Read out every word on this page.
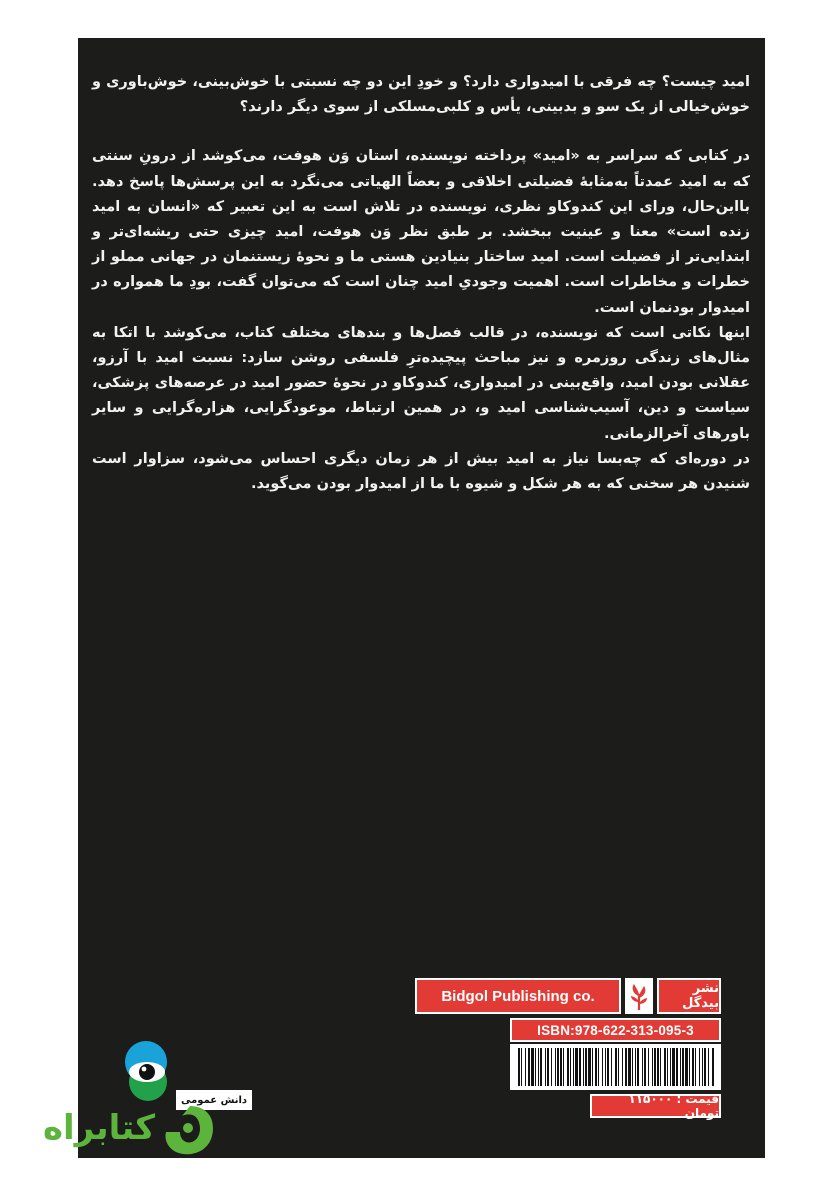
امید چیست؟ چه فرقی با امیدواری دارد؟ و خودِ این دو چه نسبتی با خوش‌بینی، خوش‌باوری و خوش‌خیالی از یک سو و بدبینی، یأس و کلبی‌مسلکی از سوی دیگر دارند؟

در کتابی که سراسر به «امید» پرداخته نویسنده، استان وَن هوفت، می‌کوشد از درونِ سنتی که به امید عمدتاً به‌مثابهٔ فضیلتی اخلاقی و بعضاً الهیاتی می‌نگرد به این پرسش‌ها پاسخ دهد. بااین‌حال، ورای این کندوکاو نظری، نویسنده در تلاش است به این تعبیر که «انسان به امید زنده است» معنا و عینیت ببخشد. بر طبق نظر وَن هوفت، امید چیزی حتی ریشه‌ای‌تر و ابتدایی‌تر از فضیلت است. امید ساختار بنیادین هستی ما و نحوهٔ زیستنمان در جهانی مملو از خطرات و مخاطرات است. اهمیت وجودیِ امید چنان است که می‌توان گفت، بودِ ما همواره در امیدوار بودنمان است.

اینها نکاتی است که نویسنده، در قالب فصل‌ها و بندهای مختلف کتاب، می‌کوشد با اتکا به مثال‌های زندگی روزمره و نیز مباحث پیچیده‌ترِ فلسفی روشن سازد: نسبت امید با آرزو، عقلانی بودن امید، واقع‌بینی در امیدواری، کندوکاو در نحوهٔ حضور امید در عرصه‌های پزشکی، سیاست و دین، آسیب‌شناسی امید و، در همین ارتباط، موعودگرایی، هزاره‌گرایی و سایر باورهای آخرالزمانی.

در دوره‌ای که چه‌بسا نیاز به امید بیش از هر زمان دیگری احساس می‌شود، سزاوار است شنیدن هر سخنی که به هر شکل و شیوه با ما از امیدوار بودن می‌گوید.

Bidgol Publishing co.	نشر بیدگل
ISBN:978-622-313-095-3
قیمت : ۱۱۵۰۰۰ تومان
دانش عمومی
کتابراه
